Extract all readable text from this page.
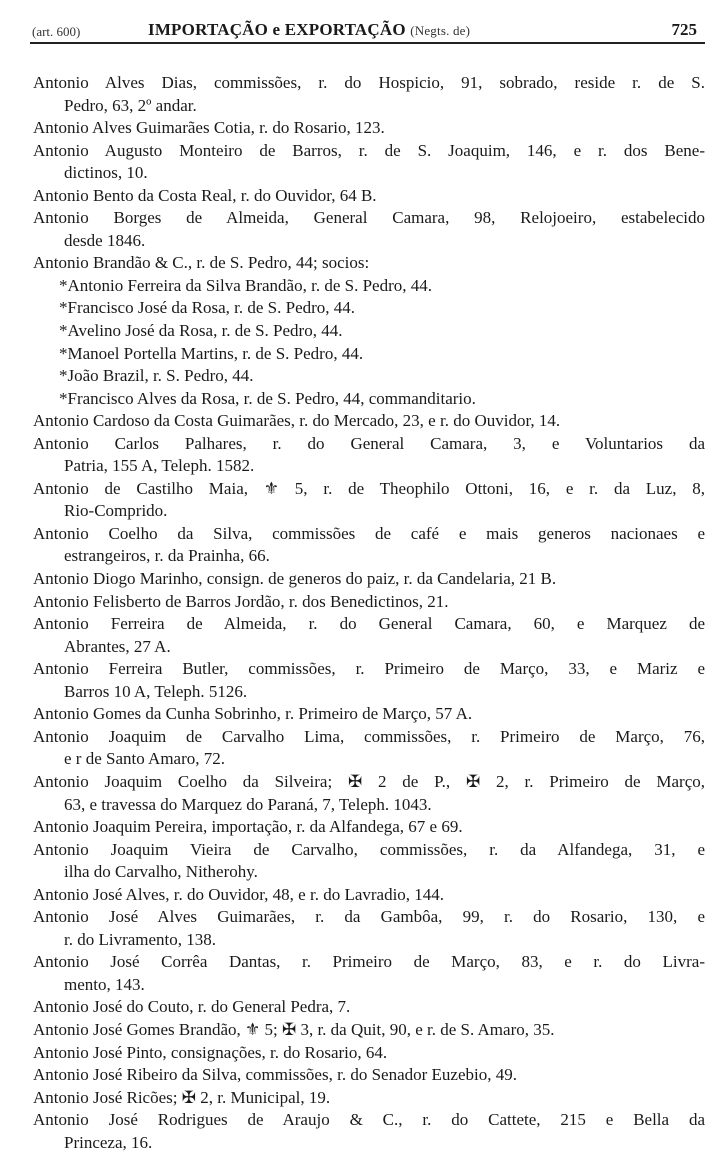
(art. 600)	IMPORTAÇÃO e EXPORTAÇÃO (Negts. de)	725
Antonio Alves Dias, commissões, r. do Hospicio, 91, sobrado, reside r. de S.
Pedro, 63, 2º andar.
Antonio Alves Guimarães Cotia, r. do Rosario, 123.
Antonio Augusto Monteiro de Barros, r. de S. Joaquim, 146, e r. dos Bene-
dictinos, 10.
Antonio Bento da Costa Real, r. do Ouvidor, 64 B.
Antonio Borges de Almeida, General Camara, 98, Relojoeiro, estabelecido
desde 1846.
Antonio Brandão & C., r. de S. Pedro, 44; socios:
*Antonio Ferreira da Silva Brandão, r. de S. Pedro, 44.
*Francisco José da Rosa, r. de S. Pedro, 44.
*Avelino José da Rosa, r. de S. Pedro, 44.
*Manoel Portella Martins, r. de S. Pedro, 44.
*João Brazil, r. S. Pedro, 44.
*Francisco Alves da Rosa, r. de S. Pedro, 44, commanditario.
Antonio Cardoso da Costa Guimarães, r. do Mercado, 23, e r. do Ouvidor, 14.
Antonio Carlos Palhares, r. do General Camara, 3, e Voluntarios da
Patria, 155 A, Teleph. 1582.
Antonio de Castilho Maia, ⚜ 5, r. de Theophilo Ottoni, 16, e r. da Luz, 8,
Rio-Comprido.
Antonio Coelho da Silva, commissões de café e mais generos nacionaes e
estrangeiros, r. da Prainha, 66.
Antonio Diogo Marinho, consign. de generos do paiz, r. da Candelaria, 21 B.
Antonio Felisberto de Barros Jordão, r. dos Benedictinos, 21.
Antonio Ferreira de Almeida, r. do General Camara, 60, e Marquez de
Abrantes, 27 A.
Antonio Ferreira Butler, commissões, r. Primeiro de Março, 33, e Mariz e
Barros 10 A, Teleph. 5126.
Antonio Gomes da Cunha Sobrinho, r. Primeiro de Março, 57 A.
Antonio Joaquim de Carvalho Lima, commissões, r. Primeiro de Março, 76,
e r de Santo Amaro, 72.
Antonio Joaquim Coelho da Silveira; ✠ 2 de P., ✠ 2, r. Primeiro de Março,
63, e travessa do Marquez do Paraná, 7, Teleph. 1043.
Antonio Joaquim Pereira, importação, r. da Alfandega, 67 e 69.
Antonio Joaquim Vieira de Carvalho, commissões, r. da Alfandega, 31, e
ilha do Carvalho, Nitherohy.
Antonio José Alves, r. do Ouvidor, 48, e r. do Lavradio, 144.
Antonio José Alves Guimarães, r. da Gambôa, 99, r. do Rosario, 130, e
r. do Livramento, 138.
Antonio José Corrêa Dantas, r. Primeiro de Março, 83, e r. do Livra-
mento, 143.
Antonio José do Couto, r. do General Pedra, 7.
Antonio José Gomes Brandão, ⚜ 5; ✠ 3, r. da Quit, 90, e r. de S. Amaro, 35.
Antonio José Pinto, consignações, r. do Rosario, 64.
Antonio José Ribeiro da Silva, commissões, r. do Senador Euzebio, 49.
Antonio José Ricões; ✠ 2, r. Municipal, 19.
Antonio José Rodrigues de Araujo & C., r. do Cattete, 215 e Bella da
Princeza, 16.
